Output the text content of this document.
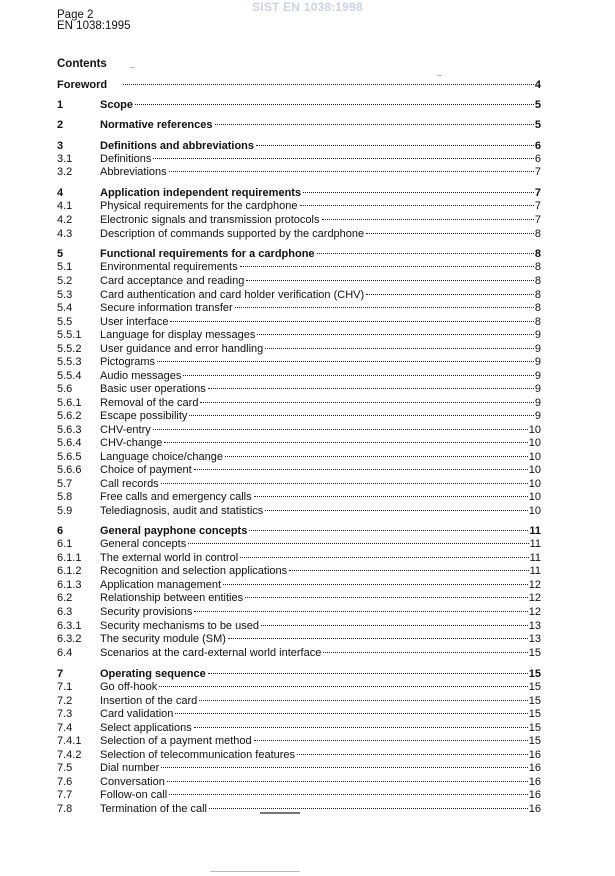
SIST EN 1038:1998
Page 2
EN 1038:1995
Contents
Foreword	4
1	Scope	5
2	Normative references	5
3	Definitions and abbreviations	6
3.1	Definitions	6
3.2	Abbreviations	7
4	Application independent requirements	7
4.1	Physical requirements for the cardphone	7
4.2	Electronic signals and transmission protocols	7
4.3	Description of commands supported by the cardphone	8
5	Functional requirements for a cardphone	8
5.1	Environmental requirements	8
5.2	Card acceptance and reading	8
5.3	Card authentication and card holder verification (CHV)	8
5.4	Secure information transfer	8
5.5	User interface	8
5.5.1	Language for display messages	9
5.5.2	User guidance and error handling	9
5.5.3	Pictograms	9
5.5.4	Audio messages	9
5.6	Basic user operations	9
5.6.1	Removal of the card	9
5.6.2	Escape possibility	9
5.6.3	CHV-entry	10
5.6.4	CHV-change	10
5.6.5	Language choice/change	10
5.6.6	Choice of payment	10
5.7	Call records	10
5.8	Free calls and emergency calls	10
5.9	Telediagnosis, audit and statistics	10
6	General payphone concepts	11
6.1	General concepts	11
6.1.1	The external world in control	11
6.1.2	Recognition and selection applications	11
6.1.3	Application management	12
6.2	Relationship between entities	12
6.3	Security provisions	12
6.3.1	Security mechanisms to be used	13
6.3.2	The security module (SM)	13
6.4	Scenarios at the card-external world interface	15
7	Operating sequence	15
7.1	Go off-hook	15
7.2	Insertion of the card	15
7.3	Card validation	15
7.4	Select applications	15
7.4.1	Selection of a payment method	15
7.4.2	Selection of telecommunication features	16
7.5	Dial number	16
7.6	Conversation	16
7.7	Follow-on call	16
7.8	Termination of the call	16
